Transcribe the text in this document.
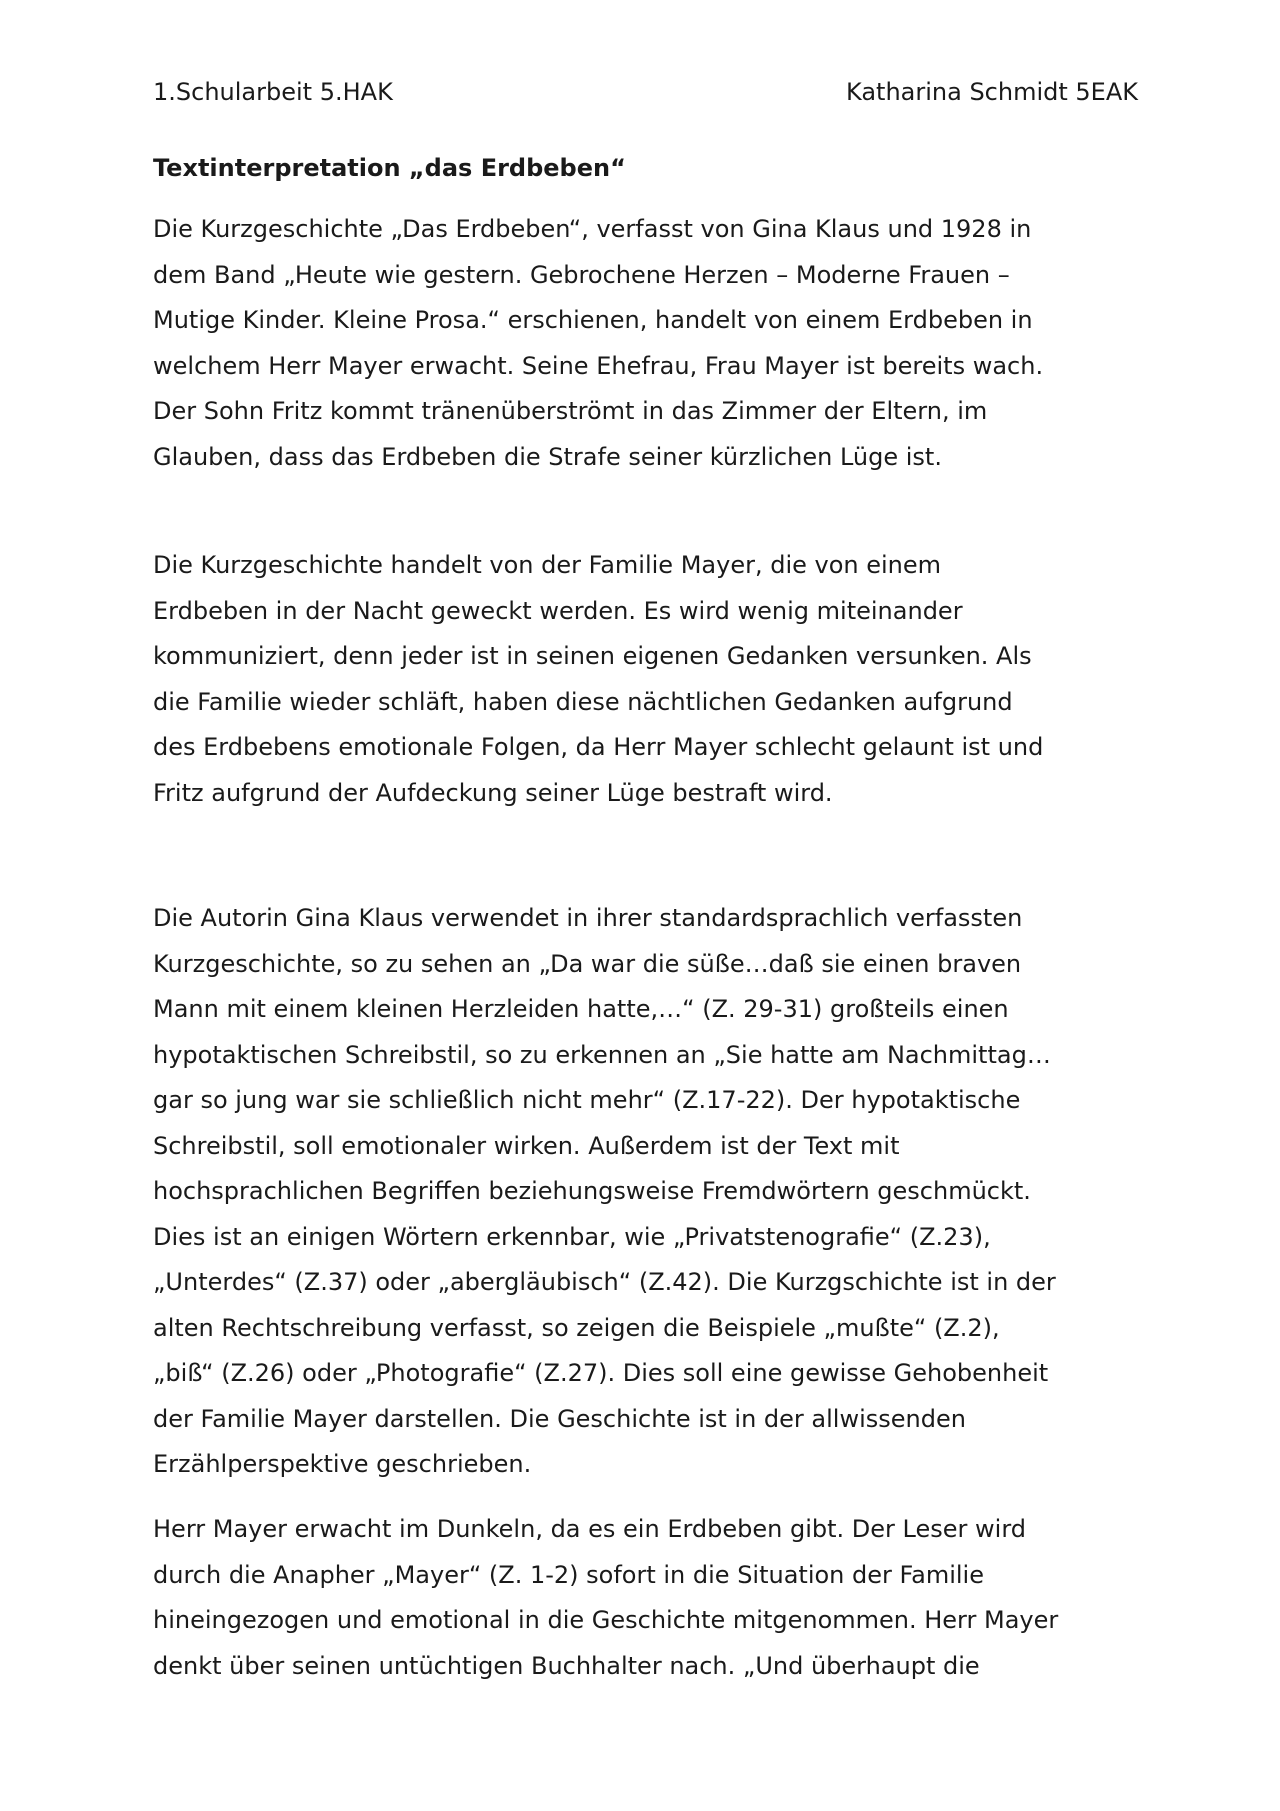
1.Schularbeit 5.HAK	Katharina Schmidt 5EAK
Textinterpretation „das Erdbeben“
Die Kurzgeschichte „Das Erdbeben“, verfasst von Gina Klaus und 1928 in
dem Band „Heute wie gestern. Gebrochene Herzen – Moderne Frauen –
Mutige Kinder. Kleine Prosa.“ erschienen, handelt von einem Erdbeben in
welchem Herr Mayer erwacht. Seine Ehefrau, Frau Mayer ist bereits wach.
Der Sohn Fritz kommt tränenüberströmt in das Zimmer der Eltern, im
Glauben, dass das Erdbeben die Strafe seiner kürzlichen Lüge ist.
Die Kurzgeschichte handelt von der Familie Mayer, die von einem
Erdbeben in der Nacht geweckt werden. Es wird wenig miteinander
kommuniziert, denn jeder ist in seinen eigenen Gedanken versunken. Als
die Familie wieder schläft, haben diese nächtlichen Gedanken aufgrund
des Erdbebens emotionale Folgen, da Herr Mayer schlecht gelaunt ist und
Fritz aufgrund der Aufdeckung seiner Lüge bestraft wird.
Die Autorin Gina Klaus verwendet in ihrer standardsprachlich verfassten
Kurzgeschichte, so zu sehen an „Da war die süße…daß sie einen braven
Mann mit einem kleinen Herzleiden hatte,…“ (Z. 29-31) großteils einen
hypotaktischen Schreibstil, so zu erkennen an „Sie hatte am Nachmittag…
gar so jung war sie schließlich nicht mehr“ (Z.17-22). Der hypotaktische
Schreibstil, soll emotionaler wirken. Außerdem ist der Text mit
hochsprachlichen Begriffen beziehungsweise Fremdwörtern geschmückt.
Dies ist an einigen Wörtern erkennbar, wie „Privatstenografie“ (Z.23),
„Unterdes“ (Z.37) oder „abergläubisch“ (Z.42). Die Kurzgschichte ist in der
alten Rechtschreibung verfasst, so zeigen die Beispiele „mußte“ (Z.2),
„biß“ (Z.26) oder „Photografie“ (Z.27). Dies soll eine gewisse Gehobenheit
der Familie Mayer darstellen. Die Geschichte ist in der allwissenden
Erzählperspektive geschrieben.
Herr Mayer erwacht im Dunkeln, da es ein Erdbeben gibt. Der Leser wird
durch die Anapher „Mayer“ (Z. 1-2) sofort in die Situation der Familie
hineingezogen und emotional in die Geschichte mitgenommen. Herr Mayer
denkt über seinen untüchtigen Buchhalter nach. „Und überhaupt die
